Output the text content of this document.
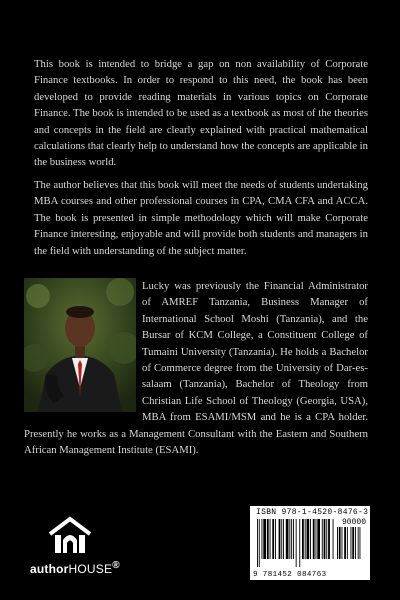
This book is intended to bridge a gap on non availability of Corporate Finance textbooks. In order to respond to this need, the book has been developed to provide reading materials in various topics on Corporate Finance. The book is intended to be used as a textbook as most of the theories and concepts in the field are clearly explained with practical mathematical calculations that clearly help to understand how the concepts are applicable in the business world.

The author believes that this book will meet the needs of students undertaking MBA courses and other professional courses in CPA, CMA CFA and ACCA. The book is presented in simple methodology which will make Corporate Finance interesting, enjoyable and will provide both students and managers in the field with understanding of the subject matter.

Lucky was previously the Financial Administrator of AMREF Tanzania, Business Manager of International School Moshi (Tanzania), and the Bursar of KCM College, a Constituent College of Tumaini University (Tanzania). He holds a Bachelor of Commerce degree from the University of Dar-es-salaam (Tanzania), Bachelor of Theology from Christian Life School of Theology (Georgia, USA), MBA from ESAMI/MSM and he is a CPA holder. Presently he works as a Management Consultant with the Eastern and Southern African Management Institute (ESAMI).

authorHOUSE®
ISBN 978-1-4520-8476-3
90000
9 781452 084763
